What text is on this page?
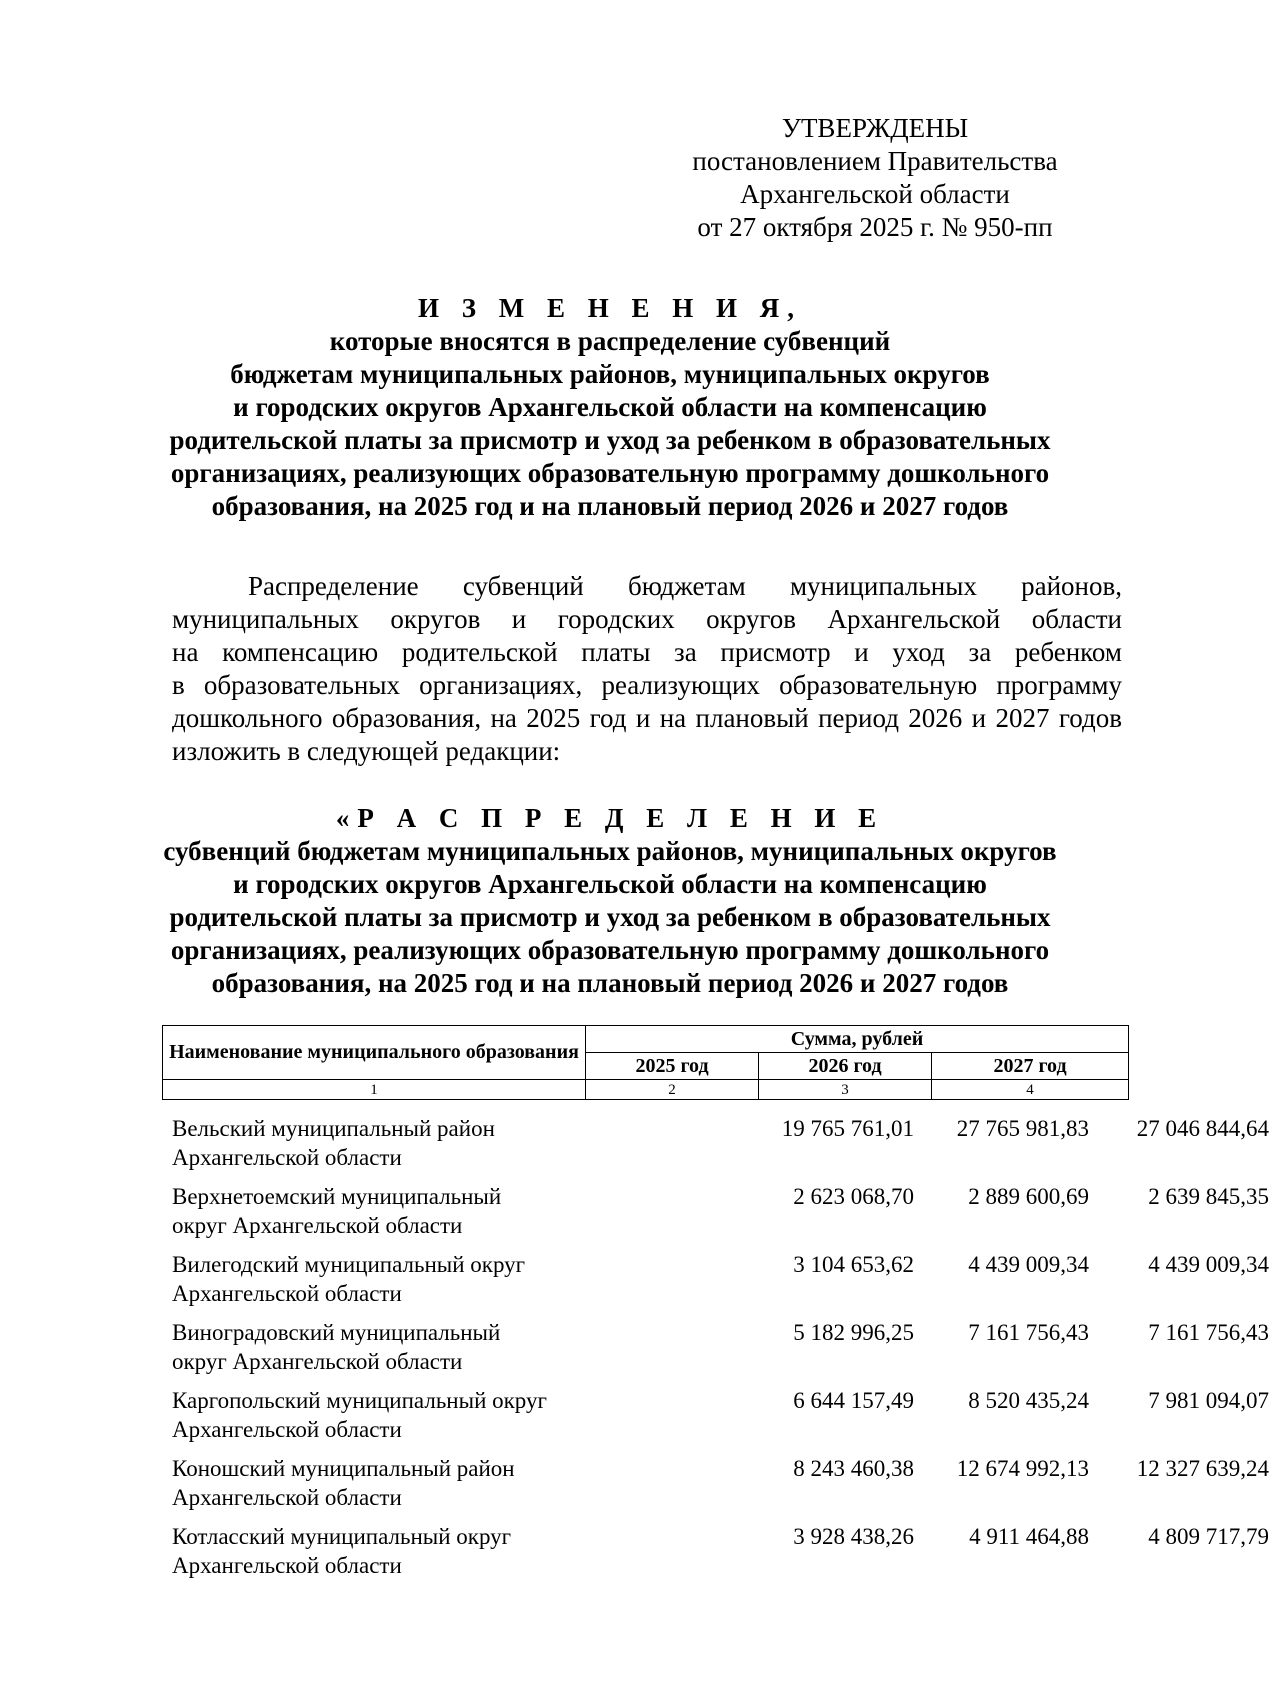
УТВЕРЖДЕНЫ
постановлением Правительства
Архангельской области
от 27 октября 2025 г. № 950-пп
И З М Е Н Е Н И Я,
которые вносятся в распределение субвенций
бюджетам муниципальных районов, муниципальных округов
и городских округов Архангельской области на компенсацию
родительской платы за присмотр и уход за ребенком в образовательных
организациях, реализующих образовательную программу дошкольного
образования, на 2025 год и на плановый период 2026 и 2027 годов
Распределение субвенций бюджетам муниципальных районов,
муниципальных округов и городских округов Архангельской области
на компенсацию родительской платы за присмотр и уход за ребенком
в образовательных организациях, реализующих образовательную программу
дошкольного образования, на 2025 год и на плановый период 2026 и 2027 годов
изложить в следующей редакции:
«Р А С П Р Е Д Е Л Е Н И Е
субвенций бюджетам муниципальных районов, муниципальных округов
и городских округов Архангельской области на компенсацию
родительской платы за присмотр и уход за ребенком в образовательных
организациях, реализующих образовательную программу дошкольного
образования, на 2025 год и на плановый период 2026 и 2027 годов
Наименование муниципального образования	Сумма, рублей		
	2025 год	2026 год	2027 год
1	2	3	4
Вельский муниципальный район
Архангельской области
19 765 761,01	27 765 981,83	27 046 844,64
Верхнетоемский муниципальный
округ Архангельской области
2 623 068,70	2 889 600,69	2 639 845,35
Вилегодский муниципальный округ
Архангельской области
3 104 653,62	4 439 009,34	4 439 009,34
Виноградовский муниципальный
округ Архангельской области
5 182 996,25	7 161 756,43	7 161 756,43
Каргопольский муниципальный округ
Архангельской области
6 644 157,49	8 520 435,24	7 981 094,07
Коношский муниципальный район
Архангельской области
8 243 460,38	12 674 992,13	12 327 639,24
Котласский муниципальный округ
Архангельской области
3 928 438,26	4 911 464,88	4 809 717,79
